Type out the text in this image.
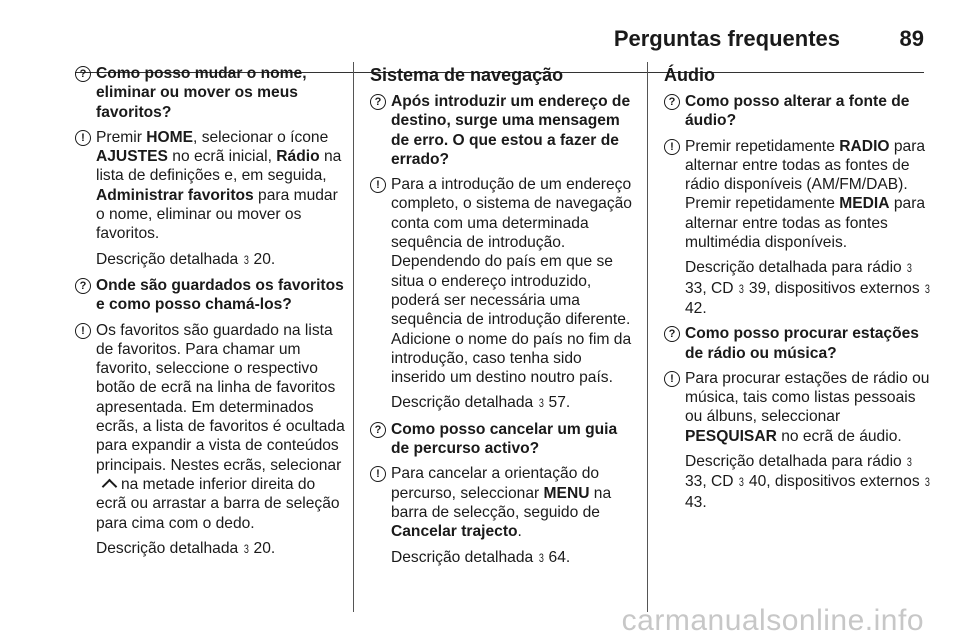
Perguntas frequentes	89
? Como posso mudar o nome, eliminar ou mover os meus favoritos?
! Premir HOME, selecionar o ícone AJUSTES no ecrã inicial, Rádio na lista de definições e, em seguida, Administrar favoritos para mudar o nome, eliminar ou mover os favoritos.
Descrição detalhada 3 20.
? Onde são guardados os favoritos e como posso chamá-los?
! Os favoritos são guardado na lista de favoritos. Para chamar um favorito, seleccione o respectivo botão de ecrã na linha de favoritos apresentada. Em determinados ecrãs, a lista de favoritos é ocultada para expandir a vista de conteúdos principais. Nestes ecrãs, selecionarna metade inferior direita do ecrã ou arrastar a barra de seleção para cima com o dedo.
Descrição detalhada 3 20.
Sistema de navegação
? Após introduzir um endereço de destino, surge uma mensagem de erro. O que estou a fazer de errado?
! Para a introdução de um endereço completo, o sistema de navegação conta com uma determinada sequência de introdução. Dependendo do país em que se situa o endereço introduzido, poderá ser necessária uma sequência de introdução diferente. Adicione o nome do país no fim da introdução, caso tenha sido inserido um destino noutro país.
Descrição detalhada 3 57.
? Como posso cancelar um guia de percurso activo?
! Para cancelar a orientação do percurso, seleccionar MENU na barra de selecção, seguido de Cancelar trajecto.
Descrição detalhada 3 64.
Áudio
? Como posso alterar a fonte de áudio?
! Premir repetidamente RADIO para alternar entre todas as fontes de rádio disponíveis (AM/FM/DAB). Premir repetidamente MEDIA para alternar entre todas as fontes multimédia disponíveis.
Descrição detalhada para rádio 3 33, CD 3 39, dispositivos externos 3 42.
? Como posso procurar estações de rádio ou música?
! Para procurar estações de rádio ou música, tais como listas pessoais ou álbuns, seleccionar PESQUISAR no ecrã de áudio.
Descrição detalhada para rádio 3 33, CD 3 40, dispositivos externos 3 43.
carmanualsonline.info
